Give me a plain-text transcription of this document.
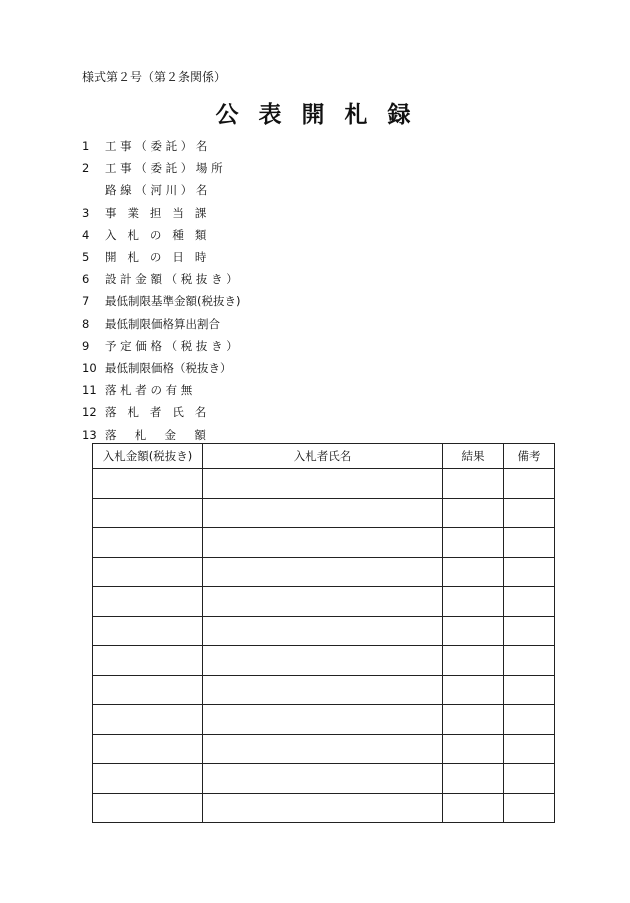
様式第２号（第２条関係）
公表開札録
1	工 事 （ 委 託 ） 名
2	工 事 （ 委 託 ） 場 所
路 線 （ 河 川 ） 名
3	事   業   担   当   課
4	入   札   の   種   類
5	開   札   の   日   時
6	設 計 金 額 （ 税 抜 き ）
7	最低制限基準金額(税抜き)
8	最低制限価格算出割合
9	予 定 価 格 （ 税 抜 き ）
10 最低制限価格（税抜き）
11 落 札 者 の 有 無
12 落   札   者   氏   名
13 落     札     金     額
入札金額(税抜き)	入札者氏名	結果	備考
